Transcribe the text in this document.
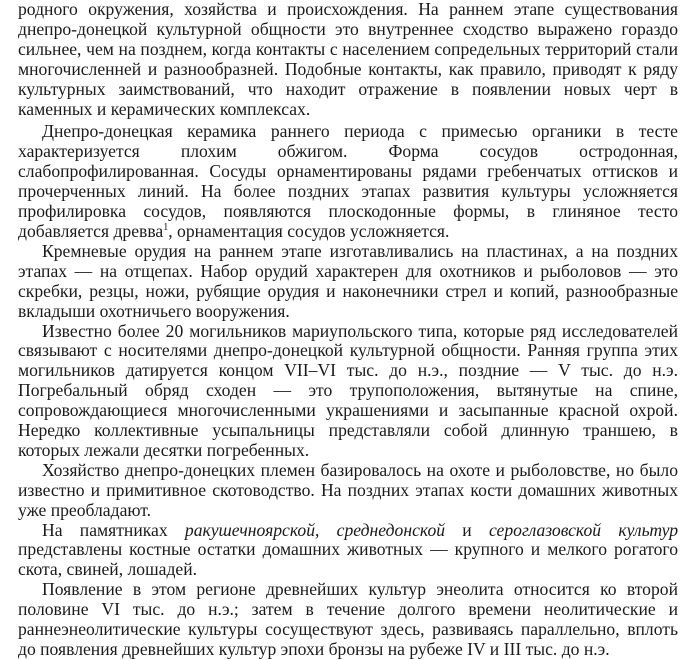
родного окружения, хозяйства и происхождения. На раннем этапе существования днепро-донецкой культурной общности это внутреннее сходство выражено гораздо сильнее, чем на позднем, когда контакты с населением сопредельных территорий стали многочисленней и разнообразней. Подобные контакты, как правило, приводят к ряду культурных заимствований, что находит отражение в появлении новых черт в каменных и керамических комплексах.

Днепро-донецкая керамика раннего периода с примесью органики в тесте характеризуется плохим обжигом. Форма сосудов остродонная, слабопрофилированная. Сосуды орнаментированы рядами гребенчатых оттисков и прочерченных линий. На более поздних этапах развития культуры усложняется профилировка сосудов, появляются плоскодонные формы, в глиняное тесто добавляется древва$^1$, орнаментация сосудов усложняется.

Кремневые орудия на раннем этапе изготавливались на пластинах, а на поздних этапах — на отщепах. Набор орудий характерен для охотников и рыболовов — это скребки, резцы, ножи, рубящие орудия и наконечники стрел и копий, разнообразные вкладыши охотничьего вооружения.

Известно более 20 могильников мариупольского типа, которые ряд исследователей связывают с носителями днепро-донецкой культурной общности. Ранняя группа этих могильников датируется концом VII–VI тыс. до н.э., поздние — V тыс. до н.э. Погребальный обряд сходен — это трупоположения, вытянутые на спине, сопровождающиеся многочисленными украшениями и засыпанные красной охрой. Нередко коллективные усыпальницы представляли собой длинную траншею, в которых лежали десятки погребенных.

Хозяйство днепро-донецких племен базировалось на охоте и рыболовстве, но было известно и примитивное скотоводство. На поздних этапах кости домашних животных уже преобладают.

На памятниках ракушечноярской, среднедонской и сероглазовской культур представлены костные остатки домашних животных — крупного и мелкого рогатого скота, свиней, лошадей.

Появление в этом регионе древнейших культур энеолита относится ко второй половине VI тыс. до н.э.; затем в течение долгого времени неолитические и раннеэнеолитические культуры сосуществуют здесь, развиваясь параллельно, вплоть до появления древнейших культур эпохи бронзы на рубеже IV и III тыс. до н.э.
